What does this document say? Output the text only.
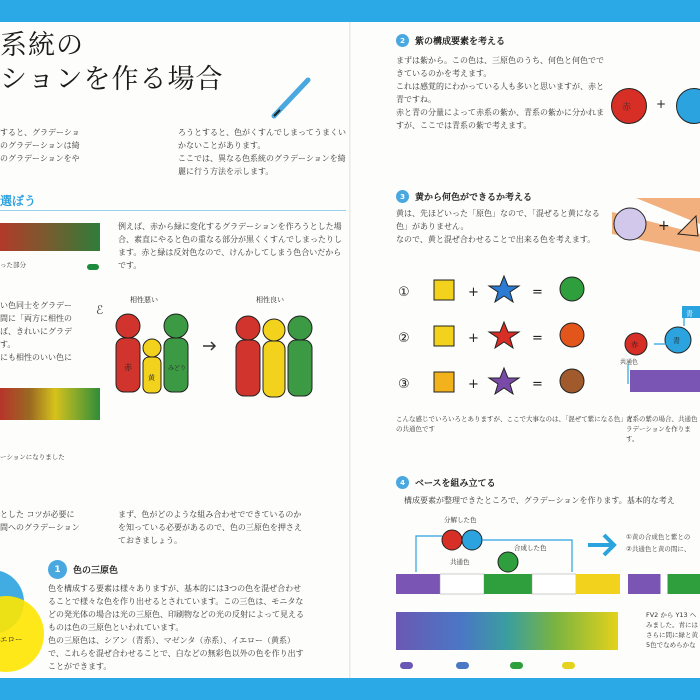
系統の
ションを作る場合
すると、グラデーショ
のグラデーションは綺
のグラデーションをや
ろうとすると、色がくすんでしまってうまくいかないことがあります。
ここでは、異なる色系統のグラデーションを綺麗に行う方法を示します。
選ぼう
った部分
例えば、赤から緑に変化するグラデーションを作ろうとした場合、素直にやると色の重なる部分が黒くくすんでしまったりします。赤と緑は反対色なので、けんかしてしまう色合いだからです。
い色同士をグラデー
間に「両方に相性の
ば、きれいにグラデ
す。
にも相性のいい色に
ℰ
赤
黄
みどり
相性悪い	相性良い
ーションになりました
とした コツが必要に
間へのグラデーション
まず、色がどのような組み合わせでできているのかを知っている必要があるので、色の三原色を押さえておきましょう。
エロー
1	色の三原色
色を構成する要素は様々ありますが、基本的には3つの色を混ぜ合わせることで様々な色を作り出せるとされています。この三色は、モニタなどの発光体の場合は光の三原色、印刷物などの光の反射によって見えるものは色の三原色といわれています。
色の三原色は、シアン（青系）、マゼンタ（赤系）、イエロー（黄系）で、これらを混ぜ合わせることで、白などの無彩色以外の色を作り出すことができます。
2	紫の構成要素を考える
まずは紫から。この色は、三原色のうち、何色と何色でできているのかを考えます。
これは感覚的にわかっている人も多いと思いますが、赤と青ですね。
赤と青の分量によって赤系の紫か、青系の紫かに分かれますが、ここでは青系の紫で考えます。
赤 +
3	黄から何色ができるか考える
黄は、先ほどいった「原色」なので、「混ぜると黄になる色」がありません。
なので、黄と混ぜ合わせることで出来る色を考えます。
+
①	+	=
②	+	=
③	+	=
こんな感じでいろいろとありますが、ここで大事なのは、「混ぜて紫になる色」との共通色です
赤	青
青
共通色
青系の紫の場合、共通色
ラデーションを作ります。
4	ベースを組み立てる
構成要素が整理できたところで、グラデーションを作ります。基本的な考え
分解した色
共通色
合成した色
①黄の合成色と紫との
②共通色と黄の間に、
FV2 から Y13 へ
みました。青には
さらに間に緑と黄
5色でなめらかな
